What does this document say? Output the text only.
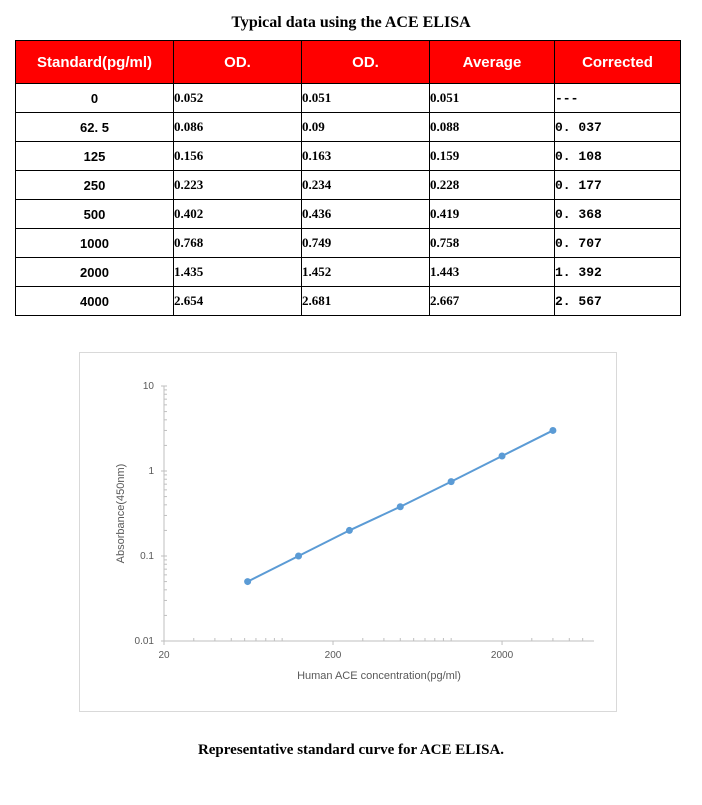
Typical data using the ACE ELISA
Standard(pg/ml)	OD.	OD.	Average	Corrected
0	0.052	0.051	0.051	---
62. 5	0.086	0.09	0.088	0. 037
125	0.156	0.163	0.159	0. 108
250	0.223	0.234	0.228	0. 177
500	0.402	0.436	0.419	0. 368
1000	0.768	0.749	0.758	0. 707
2000	1.435	1.452	1.443	1. 392
4000	2.654	2.681	2.667	2. 567
10
1
0.1
0.01
20	200	2000
Human ACE concentration(pg/ml)
Absorbance(450nm)
Representative standard curve for ACE ELISA.
